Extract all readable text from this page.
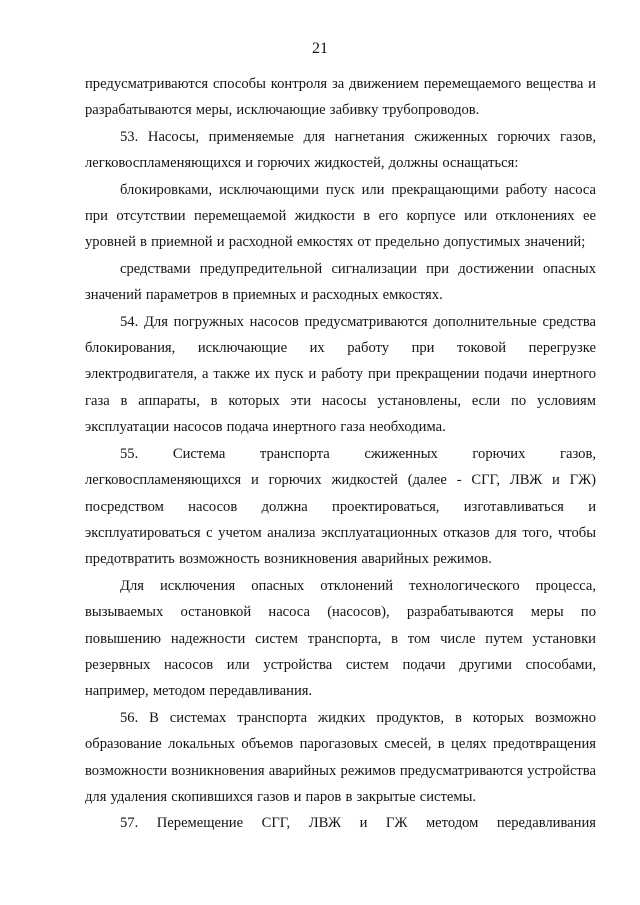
21

предусматриваются способы контроля за движением перемещаемого вещества и разрабатываются меры, исключающие забивку трубопроводов.

53. Насосы, применяемые для нагнетания сжиженных горючих газов, легковоспламеняющихся и горючих жидкостей, должны оснащаться:

блокировками, исключающими пуск или прекращающими работу насоса при отсутствии перемещаемой жидкости в его корпусе или отклонениях ее уровней в приемной и расходной емкостях от предельно допустимых значений;

средствами предупредительной сигнализации при достижении опасных значений параметров в приемных и расходных емкостях.

54. Для погружных насосов предусматриваются дополнительные средства блокирования, исключающие их работу при токовой перегрузке электродвигателя, а также их пуск и работу при прекращении подачи инертного газа в аппараты, в которых эти насосы установлены, если по условиям эксплуатации насосов подача инертного газа необходима.

55. Система транспорта сжиженных горючих газов, легковоспламеняющихся и горючих жидкостей (далее - СГГ, ЛВЖ и ГЖ) посредством насосов должна проектироваться, изготавливаться и эксплуатироваться с учетом анализа эксплуатационных отказов для того, чтобы предотвратить возможность возникновения аварийных режимов.

Для исключения опасных отклонений технологического процесса, вызываемых остановкой насоса (насосов), разрабатываются меры по повышению надежности систем транспорта, в том числе путем установки резервных насосов или устройства систем подачи другими способами, например, методом передавливания.

56. В системах транспорта жидких продуктов, в которых возможно образование локальных объемов парогазовых смесей, в целях предотвращения возможности возникновения аварийных режимов предусматриваются устройства для удаления скопившихся газов и паров в закрытые системы.

57. Перемещение СГГ, ЛВЖ и ГЖ методом передавливания
